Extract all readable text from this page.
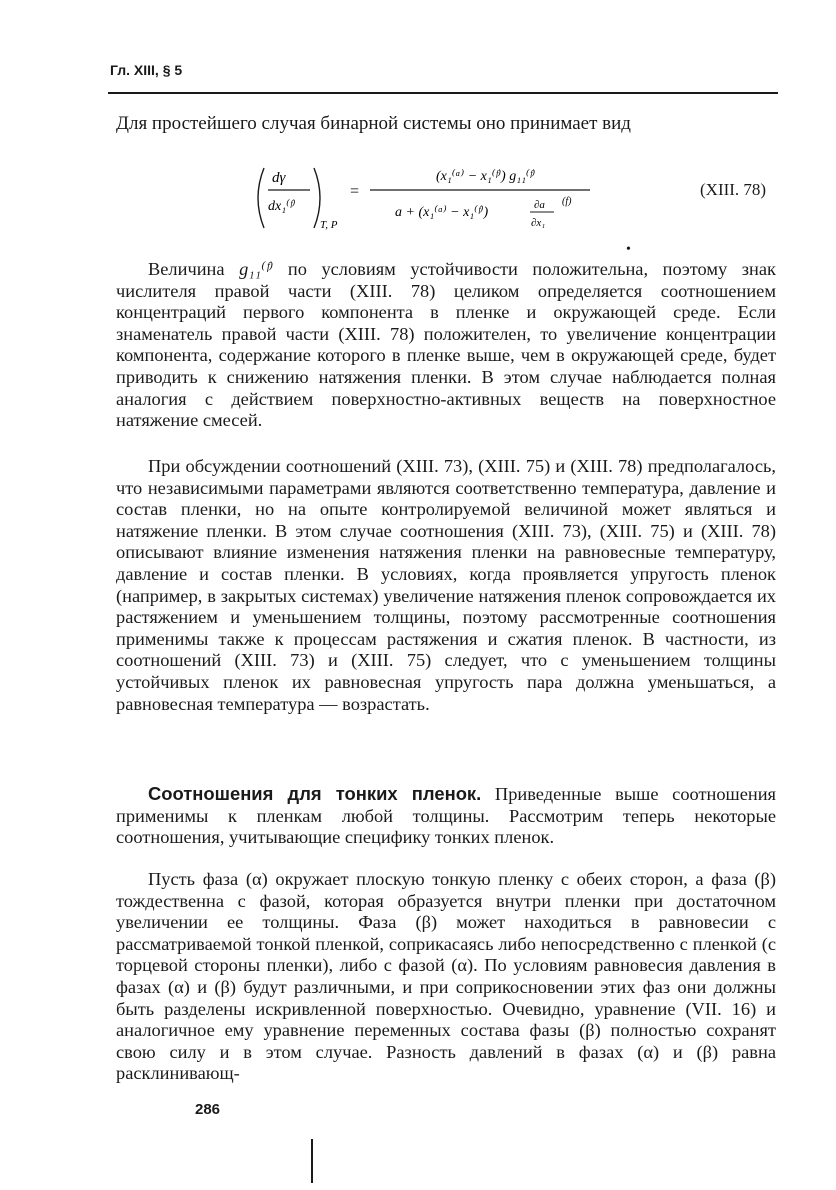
Гл. XIII, § 5
Для простейшего случая бинарной системы оно принимает вид
dγ
dx₁⁽ᶠ⁾
T, P
=
(x₁⁽ᵅ⁾ − x₁⁽ᶠ⁾) g₁₁⁽ᶠ⁾
a + (x₁⁽ᵅ⁾ − x₁⁽ᶠ⁾)	∂a
∂x₁
(f)
(XIII. 78)
•

Величина g₁₁⁽ᶠ⁾ по условиям устойчивости положительна, поэтому знак числителя правой части (XIII. 78) целиком определяется соотношением концентраций первого компонента в пленке и окружающей среде. Если знаменатель правой части (XIII. 78) положителен, то увеличение концентрации компонента, содержание которого в пленке выше, чем в окружающей среде, будет приводить к снижению натяжения пленки. В этом случае наблюдается полная аналогия с действием поверхностно-активных веществ на поверхностное натяжение смесей.

При обсуждении соотношений (XIII. 73), (XIII. 75) и (XIII. 78) предполагалось, что независимыми параметрами являются соответственно температура, давление и состав пленки, но на опыте контролируемой величиной может являться и натяжение пленки. В этом случае соотношения (XIII. 73), (XIII. 75) и (XIII. 78) описывают влияние изменения натяжения пленки на равновесные температуру, давление и состав пленки. В условиях, когда проявляется упругость пленок (например, в закрытых системах) увеличение натяжения пленок сопровождается их растяжением и уменьшением толщины, поэтому рассмотренные соотношения применимы также к процессам растяжения и сжатия пленок. В частности, из соотношений (XIII. 73) и (XIII. 75) следует, что с уменьшением толщины устойчивых пленок их равновесная упругость пара должна уменьшаться, а равновесная температура — возрастать.

Соотношения для тонких пленок. Приведенные выше соотношения применимы к пленкам любой толщины. Рассмотрим теперь некоторые соотношения, учитывающие специфику тонких пленок.

Пусть фаза (α) окружает плоскую тонкую пленку с обеих сторон, а фаза (β) тождественна с фазой, которая образуется внутри пленки при достаточном увеличении ее толщины. Фаза (β) может находиться в равновесии с рассматриваемой тонкой пленкой, соприкасаясь либо непосредственно с пленкой (с торцевой стороны пленки), либо с фазой (α). По условиям равновесия давления в фазах (α) и (β) будут различными, и при соприкосновении этих фаз они должны быть разделены искривленной поверхностью. Очевидно, уравнение (VII. 16) и аналогичное ему уравнение переменных состава фазы (β) полностью сохранят свою силу и в этом случае. Разность давлений в фазах (α) и (β) равна расклинивающ-

286
